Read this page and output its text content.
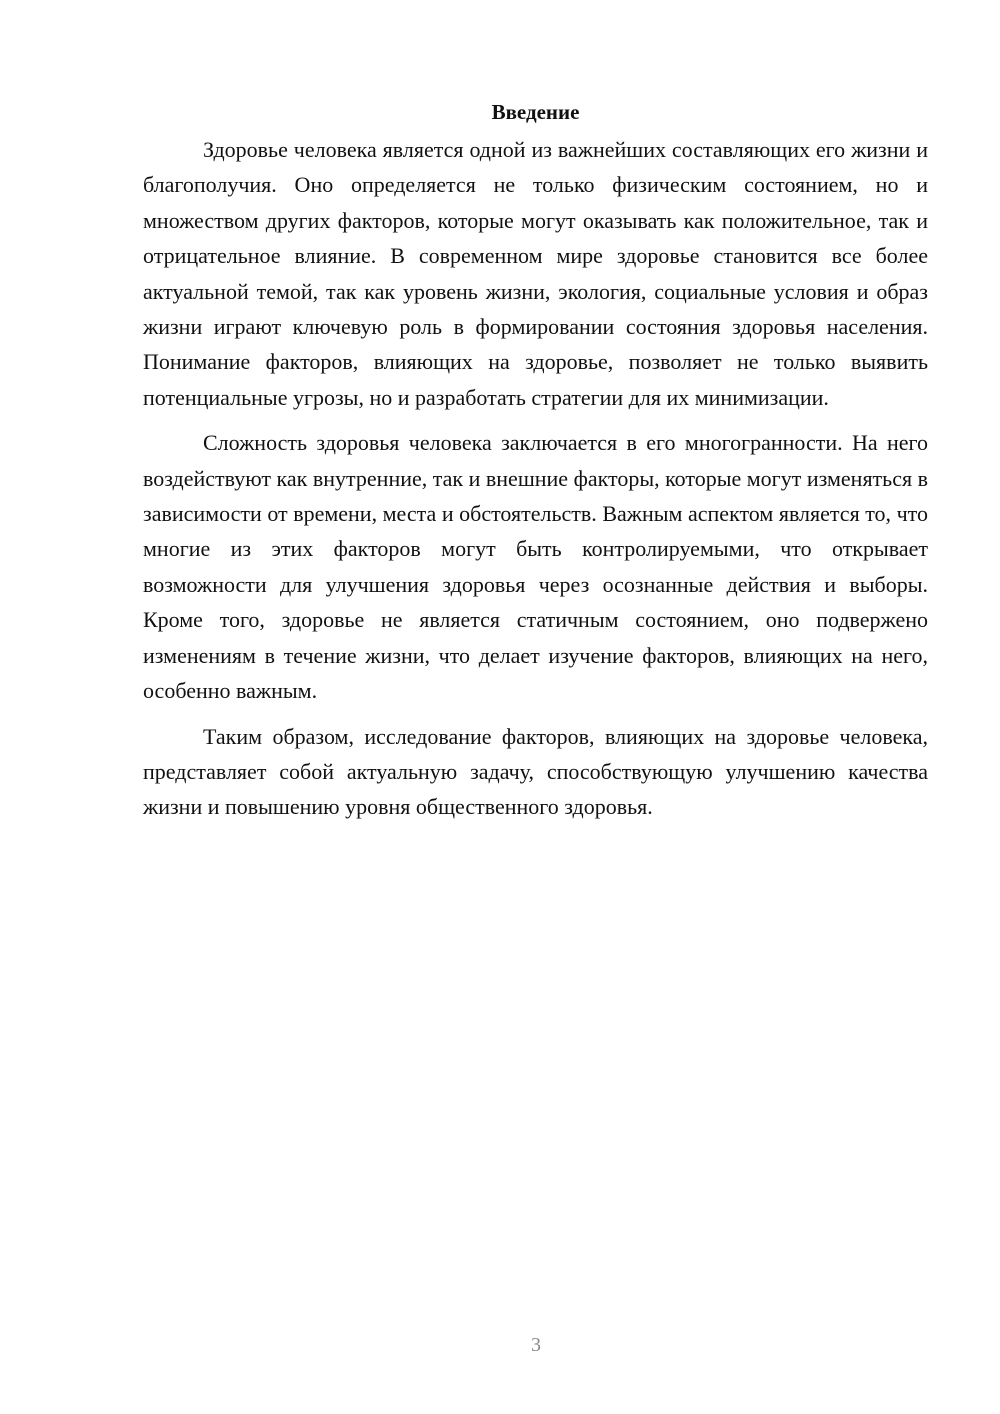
Введение

Здоровье человека является одной из важнейших составляющих его жизни и благополучия. Оно определяется не только физическим состоянием, но и множеством других факторов, которые могут оказывать как положительное, так и отрицательное влияние. В современном мире здоровье становится все более актуальной темой, так как уровень жизни, экология, социальные условия и образ жизни играют ключевую роль в формировании состояния здоровья населения. Понимание факторов, влияющих на здоровье, позволяет не только выявить потенциальные угрозы, но и разработать стратегии для их минимизации.

Сложность здоровья человека заключается в его многогранности. На него воздействуют как внутренние, так и внешние факторы, которые могут изменяться в зависимости от времени, места и обстоятельств. Важным аспектом является то, что многие из этих факторов могут быть контролируемыми, что открывает возможности для улучшения здоровья через осознанные действия и выборы. Кроме того, здоровье не является статичным состоянием, оно подвержено изменениям в течение жизни, что делает изучение факторов, влияющих на него, особенно важным.

Таким образом, исследование факторов, влияющих на здоровье человека, представляет собой актуальную задачу, способствующую улучшению качества жизни и повышению уровня общественного здоровья.

3
